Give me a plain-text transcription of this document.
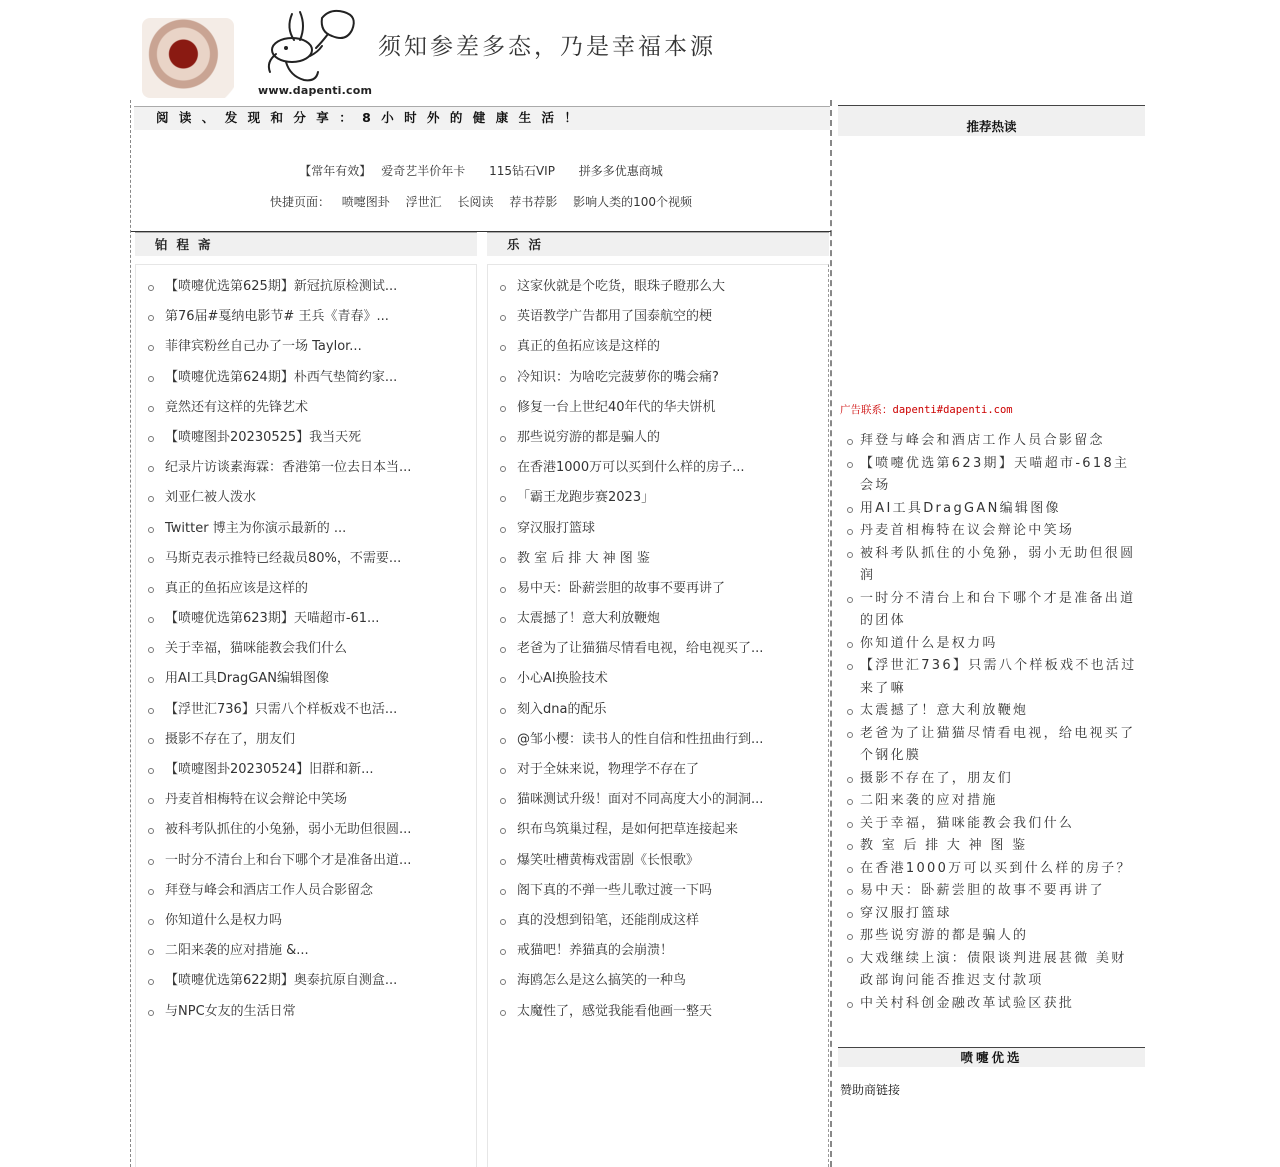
www.dapenti.com
须知参差多态，乃是幸福本源
阅读、发现和分享：8小时外的健康生活！
【常年有效】 爱奇艺半价年卡 115钻石VIP 拼多多优惠商城
快捷页面： 喷嚏图卦 浮世汇 长阅读 荐书荐影 影响人类的100个视频
铂程斋
【喷嚏优选第625期】新冠抗原检测试...
第76届#戛纳电影节# 王兵《青春》...
菲律宾粉丝自己办了一场 Taylor...
【喷嚏优选第624期】朴西气垫简约家...
竟然还有这样的先锋艺术
【喷嚏图卦20230525】我当天死
纪录片访谈素海霖：香港第一位去日本当...
刘亚仁被人泼水
Twitter 博主为你演示最新的 ...
马斯克表示推特已经裁员80%，不需要...
真正的鱼拓应该是这样的
【喷嚏优选第623期】天喵超市-61...
关于幸福，猫咪能教会我们什么
用AI工具DragGAN编辑图像
【浮世汇736】只需八个样板戏不也活...
摄影不存在了，朋友们
【喷嚏图卦20230524】旧群和新...
丹麦首相梅特在议会辩论中笑场
被科考队抓住的小兔狲，弱小无助但很圆...
一时分不清台上和台下哪个才是准备出道...
拜登与峰会和酒店工作人员合影留念
你知道什么是权力吗
二阳来袭的应对措施 &...
【喷嚏优选第622期】奥泰抗原自测盒...
与NPC女友的生活日常
乐活
这家伙就是个吃货，眼珠子瞪那么大
英语教学广告都用了国泰航空的梗
真正的鱼拓应该是这样的
冷知识：为啥吃完菠萝你的嘴会痛?
修复一台上世纪40年代的华夫饼机
那些说穷游的都是骗人的
在香港1000万可以买到什么样的房子...
「霸王龙跑步赛2023」
穿汉服打篮球
教 室 后 排 大 神 图 鉴
易中天：卧薪尝胆的故事不要再讲了
太震撼了！意大利放鞭炮
老爸为了让猫猫尽情看电视，给电视买了...
小心AI换脸技术
刻入dna的配乐
@邹小樱：读书人的性自信和性扭曲行到...
对于全妹来说，物理学不存在了
猫咪测试升级！面对不同高度大小的洞洞...
织布鸟筑巢过程，是如何把草连接起来
爆笑吐槽黄梅戏雷剧《长恨歌》
阁下真的不弹一些儿歌过渡一下吗
真的没想到铅笔，还能削成这样
戒猫吧！养猫真的会崩溃！
海鸥怎么是这么搞笑的一种鸟
太魔性了，感觉我能看他画一整天
推荐热读
广告联系：dapenti#dapenti.com
拜登与峰会和酒店工作人员合影留念
【喷嚏优选第623期】天喵超市-618主会场
用AI工具DragGAN编辑图像
丹麦首相梅特在议会辩论中笑场
被科考队抓住的小兔狲，弱小无助但很圆润
一时分不清台上和台下哪个才是准备出道的团体
你知道什么是权力吗
【浮世汇736】只需八个样板戏不也活过来了嘛
太震撼了！意大利放鞭炮
老爸为了让猫猫尽情看电视，给电视买了个钢化膜
摄影不存在了，朋友们
二阳来袭的应对措施
关于幸福，猫咪能教会我们什么
教 室 后 排 大 神 图 鉴
在香港1000万可以买到什么样的房子？
易中天：卧薪尝胆的故事不要再讲了
穿汉服打篮球
那些说穷游的都是骗人的
大戏继续上演：债限谈判进展甚微 美财政部询问能否推迟支付款项
中关村科创金融改革试验区获批
喷嚏优选
赞助商链接
